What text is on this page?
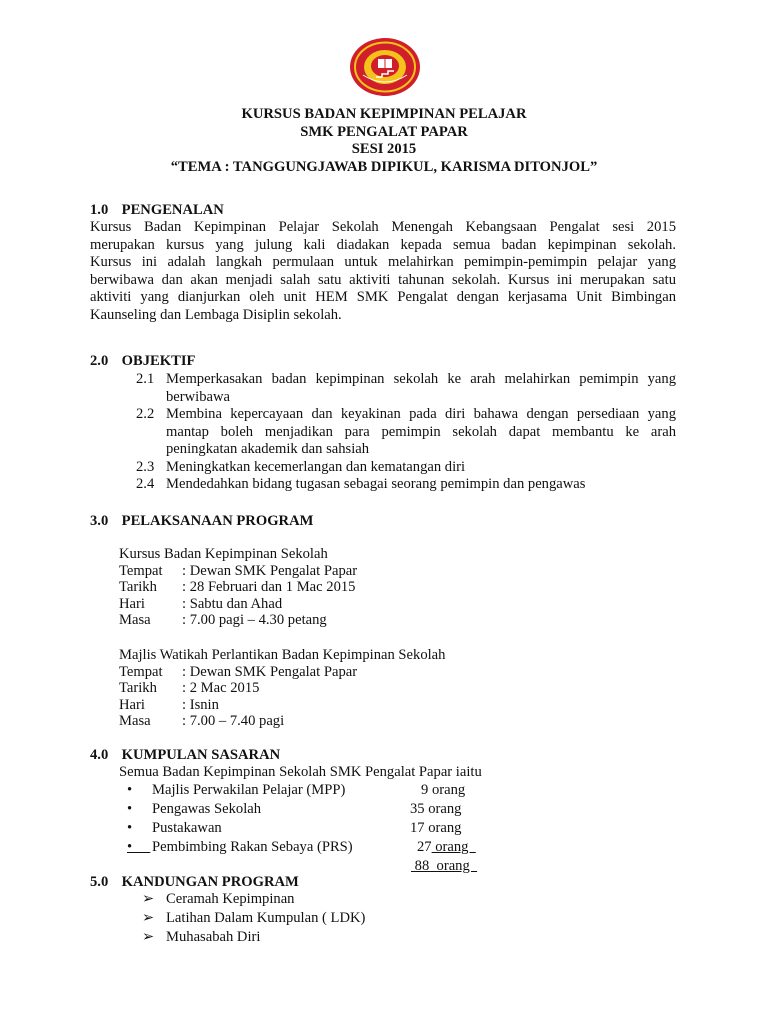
KURSUS BADAN KEPIMPINAN PELAJAR
SMK PENGALAT PAPAR
SESI 2015
“TEMA : TANGGUNGJAWAB DIPIKUL, KARISMA DITONJOL”
1.0 PENGENALAN
Kursus Badan Kepimpinan Pelajar Sekolah Menengah Kebangsaan Pengalat sesi 2015
merupakan kursus yang julung kali diadakan kepada semua badan kepimpinan sekolah.
Kursus ini adalah langkah permulaan untuk melahirkan pemimpin-pemimpin pelajar yang
berwibawa dan akan menjadi salah satu aktiviti tahunan sekolah. Kursus ini merupakan satu
aktiviti yang dianjurkan oleh unit HEM SMK Pengalat dengan kerjasama Unit Bimbingan
Kaunseling dan Lembaga Disiplin sekolah.
2.0 OBJEKTIF
2.1 Memperkasakan badan kepimpinan sekolah ke arah melahirkan pemimpin yang
berwibawa
2.2 Membina kepercayaan dan keyakinan pada diri bahawa dengan persediaan yang
mantap boleh menjadikan para pemimpin sekolah dapat membantu ke arah
peningkatan akademik dan sahsiah
2.3 Meningkatkan kecemerlangan dan kematangan diri
2.4 Mendedahkan bidang tugasan sebagai seorang pemimpin dan pengawas
3.0 PELAKSANAAN PROGRAM
Kursus Badan Kepimpinan Sekolah
Tempat : Dewan SMK Pengalat Papar
Tarikh : 28 Februari dan 1 Mac 2015
Hari	: Sabtu dan Ahad
Masa : 7.00 pagi – 4.30 petang
Majlis Watikah Perlantikan Badan Kepimpinan Sekolah
Tempat : Dewan SMK Pengalat Papar
Tarikh : 2 Mac 2015
Hari	: Isnin
Masa : 7.00 – 7.40 pagi
4.0 KUMPULAN SASARAN
Semua Badan Kepimpinan Sekolah SMK Pengalat Papar iaitu
• Majlis Perwakilan Pelajar (MPP)	9 orang
• Pengawas Sekolah	35 orang
• Pustakawan	17 orang
• Pembimbing Rakan Sebaya (PRS)	27 orang
88  orang
5.0 KANDUNGAN PROGRAM
➢ Ceramah Kepimpinan
➢ Latihan Dalam Kumpulan ( LDK)
➢ Muhasabah Diri
